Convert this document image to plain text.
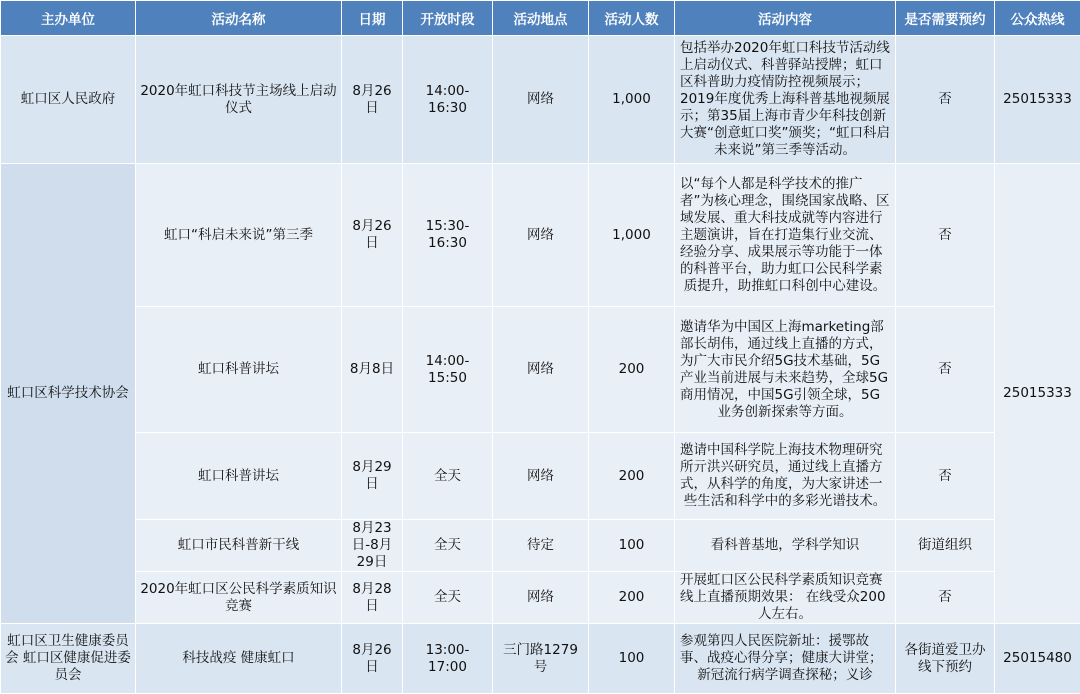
主办单位	活动名称	日期	开放时段	活动地点	活动人数	活动内容	是否需要预约	公众热线
虹口区人民政府	2020年虹口科技节主场线上启动仪式	8月26日	14:00-16:30	网络	1,000	包括举办2020年虹口科技节活动线上启动仪式、科普驿站授牌；虹口区科普助力疫情防控视频展示；2019年度优秀上海科普基地视频展示；第35届上海市青少年科技创新大赛“创意虹口奖”颁奖；“虹口科启未来说”第三季等活动。	否	25015333
虹口区科学技术协会	虹口“科启未来说”第三季	8月26日	15:30-16:30	网络	1,000	以“每个人都是科学技术的推广者”为核心理念，围绕国家战略、区域发展、重大科技成就等内容进行主题演讲，旨在打造集行业交流、经验分享、成果展示等功能于一体的科普平台，助力虹口公民科学素质提升，助推虹口科创中心建设。	否	25015333
	虹口科普讲坛	8月8日	14:00-15:50	网络	200	邀请华为中国区上海marketing部部长胡伟，通过线上直播的方式，为广大市民介绍5G技术基础，5G产业当前进展与未来趋势，全球5G商用情况，中国5G引领全球，5G业务创新探索等方面。	否	
	虹口科普讲坛	8月29日	全天	网络	200	邀请中国科学院上海技术物理研究所亓洪兴研究员，通过线上直播方式，从科学的角度，为大家讲述一些生活和科学中的多彩光谱技术。	否	
	虹口市民科普新干线	8月23日-8月29日	全天	待定	100	看科普基地，学科学知识	街道组织	
	2020年虹口区公民科学素质知识竞赛	8月28日	全天	网络	200	开展虹口区公民科学素质知识竞赛线上直播预期效果： 在线受众200人左右。	否	
虹口区卫生健康委员会 虹口区健康促进委员会	科技战疫 健康虹口	8月26日	13:00-17:00	三门路1279号	100	参观第四人民医院新址：援鄂故事、战疫心得分享；健康大讲堂；新冠流行病学调查探秘；义诊	各街道爱卫办线下预约	25015480
